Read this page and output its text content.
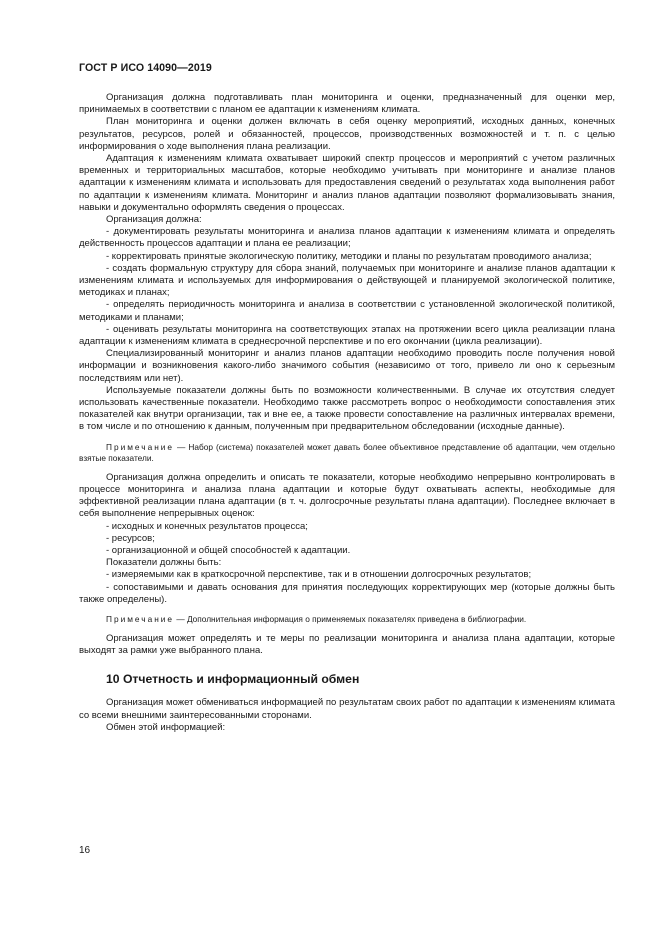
ГОСТ Р ИСО 14090—2019

Организация должна подготавливать план мониторинга и оценки, предназначенный для оценки мер, принимаемых в соответствии с планом ее адаптации к изменениям климата.

План мониторинга и оценки должен включать в себя оценку мероприятий, исходных данных, конечных результатов, ресурсов, ролей и обязанностей, процессов, производственных возможностей и т. п. с целью информирования о ходе выполнения плана реализации.

Адаптация к изменениям климата охватывает широкий спектр процессов и мероприятий с учетом различных временных и территориальных масштабов, которые необходимо учитывать при мониторинге и анализе планов адаптации к изменениям климата и использовать для предоставления сведений о результатах хода выполнения работ по адаптации к изменениям климата. Мониторинг и анализ планов адаптации позволяют формализовывать знания, навыки и документально оформлять сведения о процессах.

Организация должна:

- документировать результаты мониторинга и анализа планов адаптации к изменениям климата и определять действенность процессов адаптации и плана ее реализации;

- корректировать принятые экологическую политику, методики и планы по результатам проводимого анализа;

- создать формальную структуру для сбора знаний, получаемых при мониторинге и анализе планов адаптации к изменениям климата и используемых для информирования о действующей и планируемой экологической политике, методиках и планах;

- определять периодичность мониторинга и анализа в соответствии с установленной экологической политикой, методиками и планами;

- оценивать результаты мониторинга на соответствующих этапах на протяжении всего цикла реализации плана адаптации к изменениям климата в среднесрочной перспективе и по его окончании (цикла реализации).

Специализированный мониторинг и анализ планов адаптации необходимо проводить после получения новой информации и возникновения какого-либо значимого события (независимо от того, привело ли оно к серьезным последствиям или нет).

Используемые показатели должны быть по возможности количественными. В случае их отсутствия следует использовать качественные показатели. Необходимо также рассмотреть вопрос о необходимости сопоставления этих показателей как внутри организации, так и вне ее, а также провести сопоставление на различных интервалах времени, в том числе и по отношению к данным, полученным при предварительном обследовании (исходные данные).

Примечание — Набор (система) показателей может давать более объективное представление об адаптации, чем отдельно взятые показатели.

Организация должна определить и описать те показатели, которые необходимо непрерывно контролировать в процессе мониторинга и анализа плана адаптации и которые будут охватывать аспекты, необходимые для эффективной реализации плана адаптации (в т. ч. долгосрочные результаты плана адаптации). Последнее включает в себя выполнение непрерывных оценок:

- исходных и конечных результатов процесса;

- ресурсов;

- организационной и общей способностей к адаптации.

Показатели должны быть:

- измеряемыми как в краткосрочной перспективе, так и в отношении долгосрочных результатов;

- сопоставимыми и давать основания для принятия последующих корректирующих мер (которые должны быть также определены).

Примечание — Дополнительная информация о применяемых показателях приведена в библиографии.

Организация может определять и те меры по реализации мониторинга и анализа плана адаптации, которые выходят за рамки уже выбранного плана.

10 Отчетность и информационный обмен

Организация может обмениваться информацией по результатам своих работ по адаптации к изменениям климата со всеми внешними заинтересованными сторонами.

Обмен этой информацией:

16
